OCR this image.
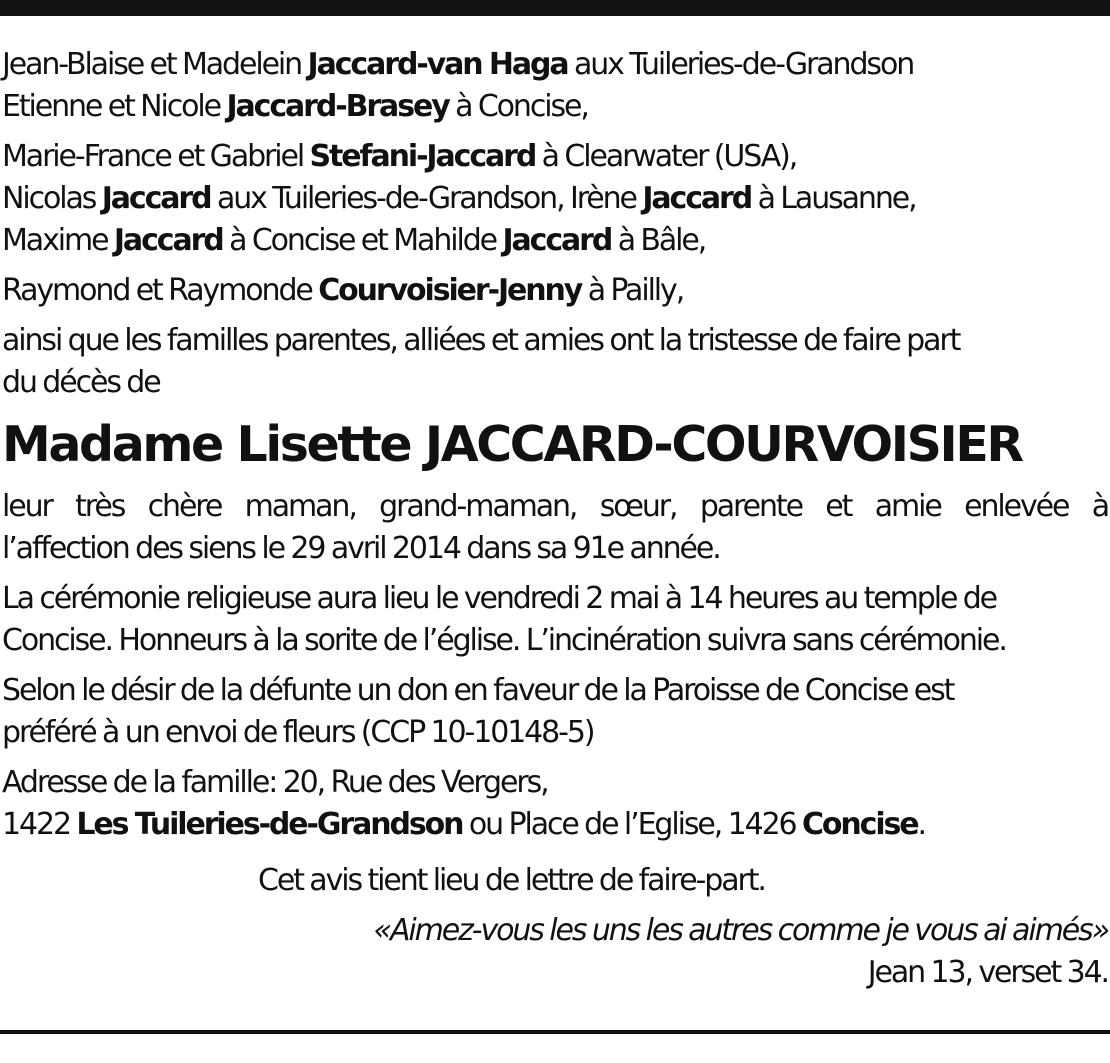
Jean-Blaise et Madelein Jaccard-van Haga aux Tuileries-de-Grandson
Etienne et Nicole Jaccard-Brasey à Concise,
Marie-France et Gabriel Stefani-Jaccard à Clearwater (USA),
Nicolas Jaccard aux Tuileries-de-Grandson, Irène Jaccard à Lausanne,
Maxime Jaccard à Concise et Mahilde Jaccard à Bâle,
Raymond et Raymonde Courvoisier-Jenny à Pailly,
ainsi que les familles parentes, alliées et amies ont la tristesse de faire part
du décès de
Madame Lisette JACCARD-COURVOISIER
leur très chère maman, grand-maman, sœur, parente et amie enlevée à
l’affection des siens le 29 avril 2014 dans sa 91e année.
La cérémonie religieuse aura lieu le vendredi 2 mai à 14 heures au temple de
Concise. Honneurs à la sorite de l’église. L’incinération suivra sans cérémonie.
Selon le désir de la défunte un don en faveur de la Paroisse de Concise est
préféré à un envoi de fleurs (CCP 10-10148-5)
Adresse de la famille: 20, Rue des Vergers,
1422 Les Tuileries-de-Grandson ou Place de l’Eglise, 1426 Concise.
Cet avis tient lieu de lettre de faire-part.
«Aimez-vous les uns les autres comme je vous ai aimés»
Jean 13, verset 34.
